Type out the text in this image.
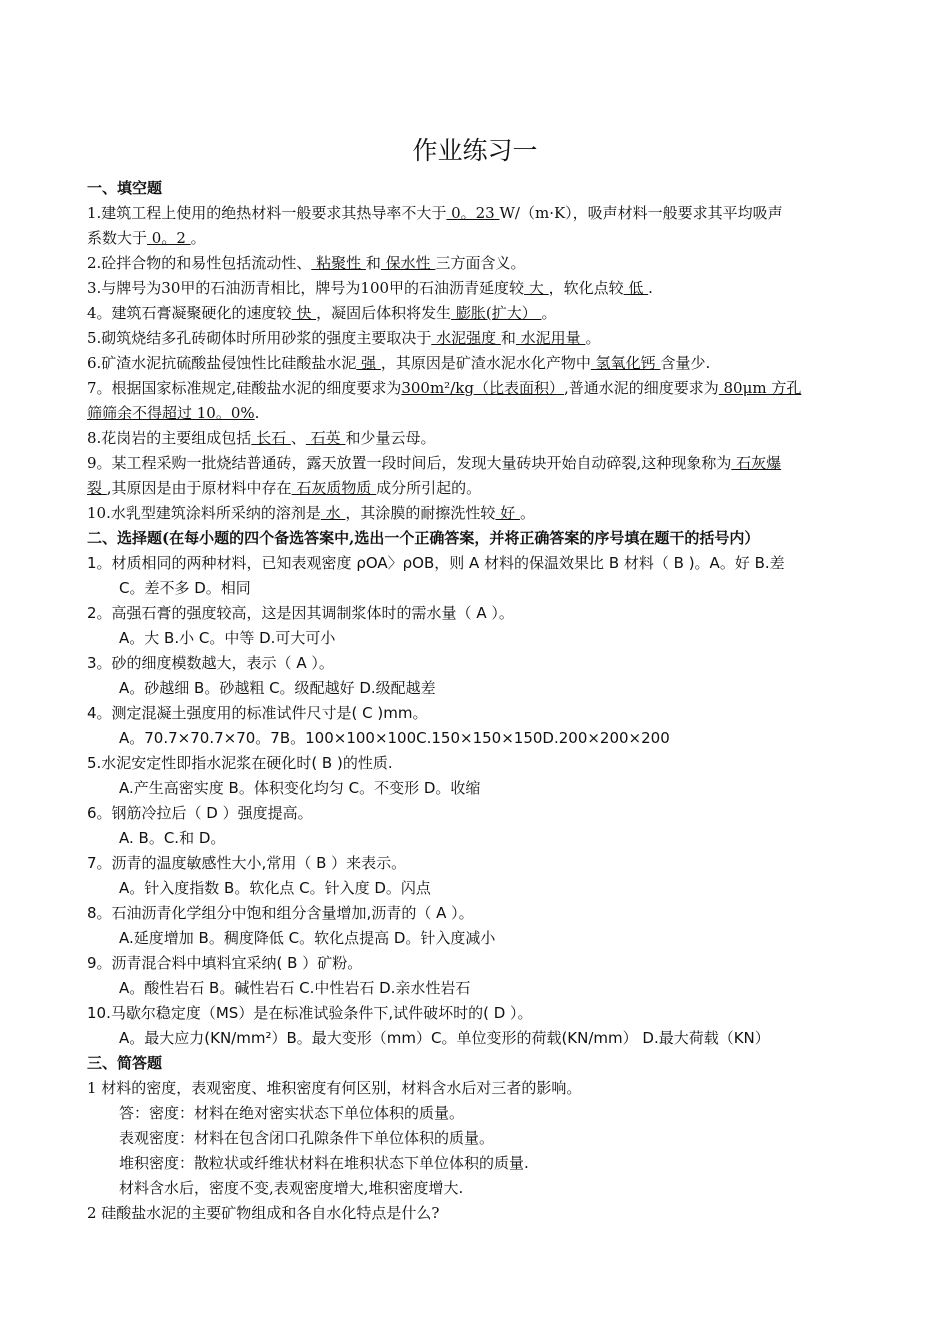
作业练习一
一、填空题
1.建筑工程上使用的绝热材料一般要求其热导率不大于 0。23 W/（m·K），吸声材料一般要求其平均吸声
系数大于 0。2 。
2.砼拌合物的和易性包括流动性、 粘聚性 和 保水性 三方面含义。
3.与牌号为30甲的石油沥青相比，牌号为100甲的石油沥青延度较 大 ，软化点较 低 .
4。建筑石膏凝聚硬化的速度较 快 ，凝固后体积将发生 膨胀(扩大） 。
5.砌筑烧结多孔砖砌体时所用砂浆的强度主要取决于 水泥强度 和 水泥用量 。
6.矿渣水泥抗硫酸盐侵蚀性比硅酸盐水泥 强 ，其原因是矿渣水泥水化产物中 氢氧化钙 含量少.
7。根据国家标准规定,硅酸盐水泥的细度要求为300m²/kg（比表面积）,普通水泥的细度要求为 80μm 方孔
筛筛余不得超过 10。0%.
8.花岗岩的主要组成包括 长石 、 石英 和少量云母。
9。某工程采购一批烧结普通砖，露天放置一段时间后，发现大量砖块开始自动碎裂,这种现象称为 石灰爆
裂 ,其原因是由于原材料中存在 石灰质物质 成分所引起的。
10.水乳型建筑涂料所采纳的溶剂是 水 ，其涂膜的耐擦洗性较 好 。
二、选择题(在每小题的四个备选答案中,选出一个正确答案，并将正确答案的序号填在题干的括号内）
1。材质相同的两种材料，已知表观密度 ρOA〉ρOB，则 A 材料的保温效果比 B 材料（ B )。A。好 B.差
C。差不多 D。相同
2。高强石膏的强度较高，这是因其调制浆体时的需水量（ A ）。
A。大 B.小 C。中等 D.可大可小
3。砂的细度模数越大，表示（ A ）。
A。砂越细 B。砂越粗 C。级配越好 D.级配越差
4。测定混凝土强度用的标准试件尺寸是( C )mm。
A。70.7×70.7×70。7B。100×100×100C.150×150×150D.200×200×200
5.水泥安定性即指水泥浆在硬化时( B )的性质.
A.产生高密实度 B。体积变化均匀 C。不变形 D。收缩
6。钢筋冷拉后（ D ）强度提高。
A. B。C.和 D。
7。沥青的温度敏感性大小,常用（ B ）来表示。
A。针入度指数 B。软化点 C。针入度 D。闪点
8。石油沥青化学组分中饱和组分含量增加,沥青的（ A ）。
A.延度增加 B。稠度降低 C。软化点提高 D。针入度减小
9。沥青混合料中填料宜采纳( B ）矿粉。
A。酸性岩石 B。碱性岩石 C.中性岩石 D.亲水性岩石
10.马歇尔稳定度（MS）是在标准试验条件下,试件破坏时的( D ）。
A。最大应力(KN/mm²）B。最大变形（mm）C。单位变形的荷载(KN/mm） D.最大荷载（KN）
三、简答题
1 材料的密度，表观密度、堆积密度有何区别，材料含水后对三者的影响。
答：密度：材料在绝对密实状态下单位体积的质量。
表观密度：材料在包含闭口孔隙条件下单位体积的质量。
堆积密度：散粒状或纤维状材料在堆积状态下单位体积的质量.
材料含水后，密度不变,表观密度增大,堆积密度增大.
2 硅酸盐水泥的主要矿物组成和各自水化特点是什么?
